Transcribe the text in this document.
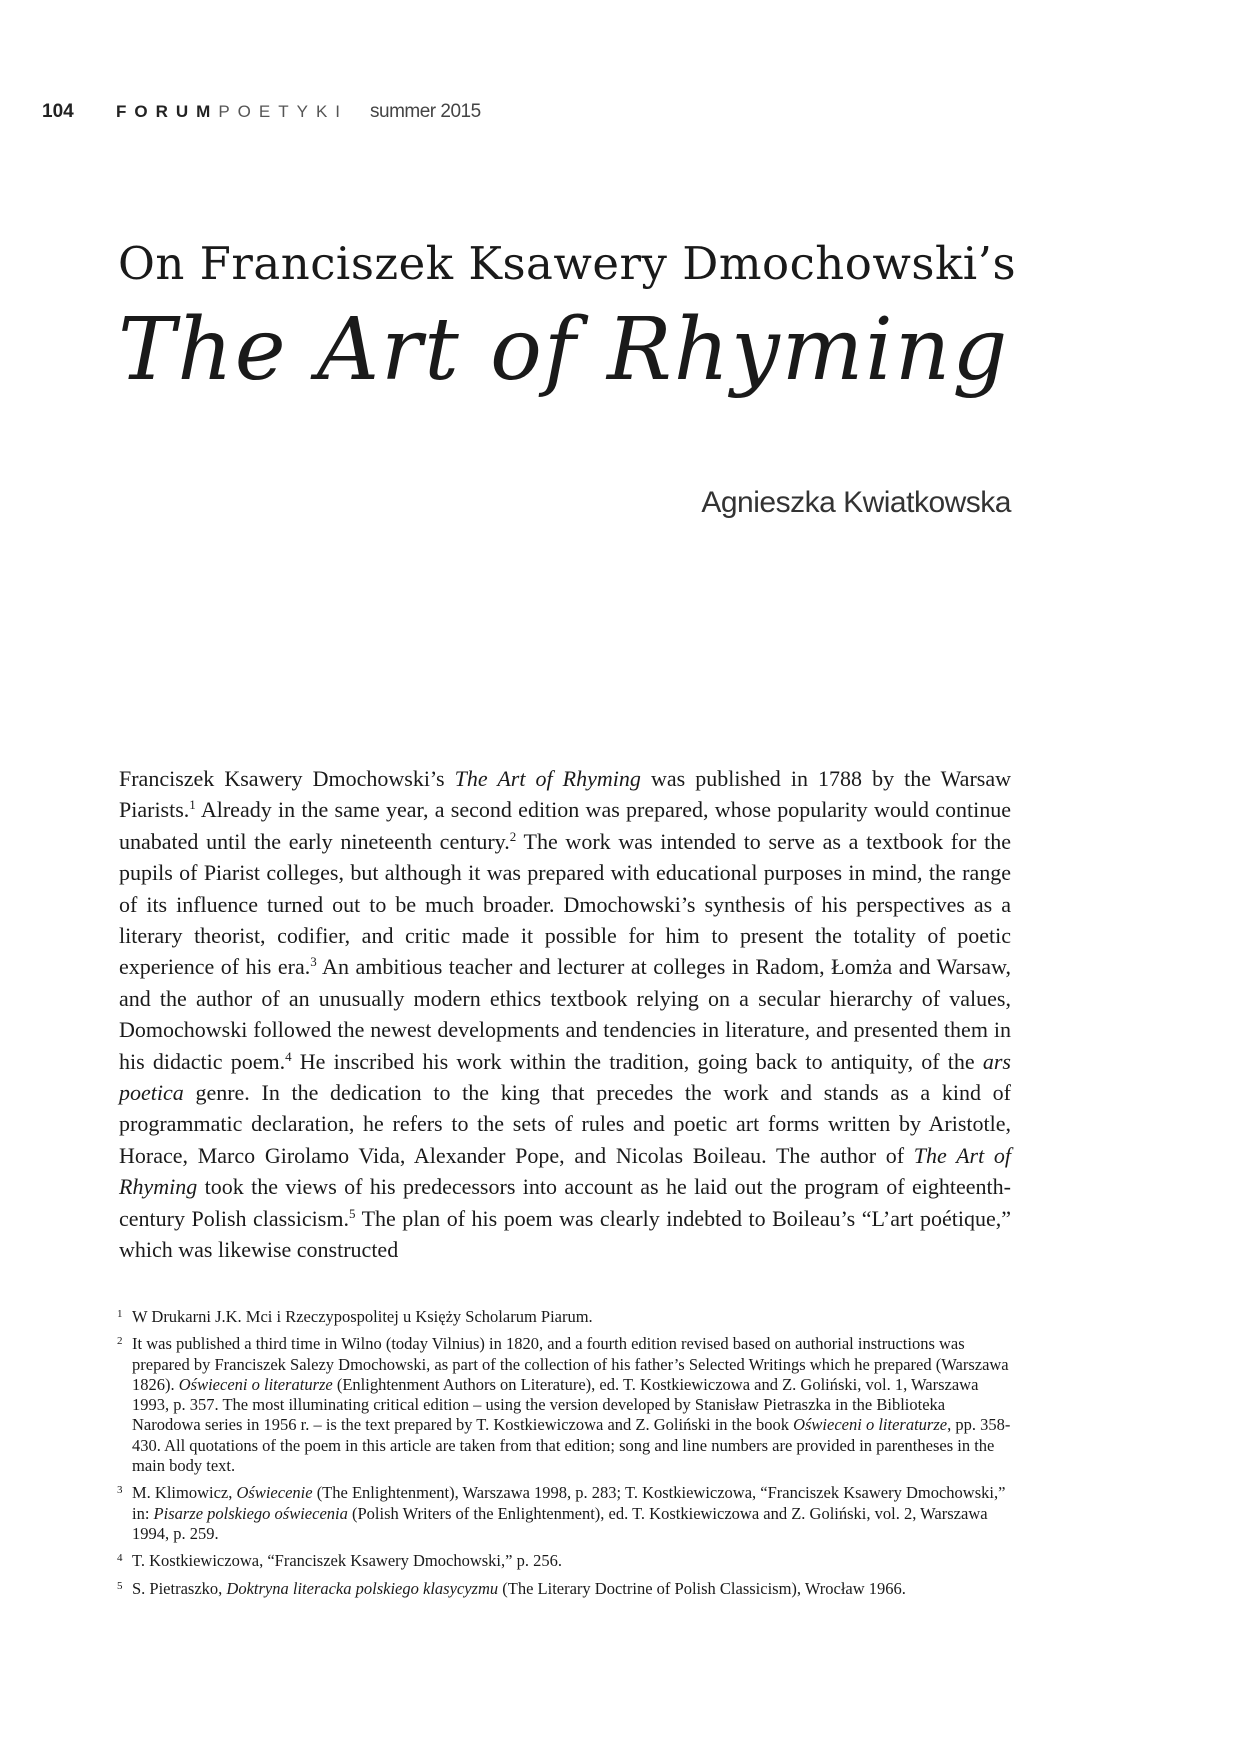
104	FORUM POETYKI summer 2015
On Franciszek Ksawery Dmochowski’s
The Art of Rhyming

Agnieszka Kwiatkowska

Franciszek Ksawery Dmochowski’s The Art of Rhyming was published in 1788 by the Warsaw Piarists.$^1$ Already in the same year, a second edition was prepared, whose popularity would continue unabated until the early nineteenth century.$^2$ The work was intended to serve as a textbook for the pupils of Piarist colleges, but although it was prepared with educational purposes in mind, the range of its influence turned out to be much broader. Dmochowski’s synthesis of his perspectives as a literary theorist, codifier, and critic made it possible for him to present the totality of poetic experience of his era.$^3$ An ambitious teacher and lecturer at colleges in Radom, Łomża and Warsaw, and the author of an unusually modern ethics textbook relying on a secular hierarchy of values, Domochowski followed the newest developments and tendencies in literature, and presented them in his didactic poem.$^4$ He inscribed his work within the tradition, going back to antiquity, of the ars poetica genre. In the dedication to the king that precedes the work and stands as a kind of programmatic declaration, he refers to the sets of rules and poetic art forms written by Aristotle, Horace, Marco Girolamo Vida, Alexander Pope, and Nicolas Boileau. The author of The Art of Rhyming took the views of his predecessors into account as he laid out the program of eighteenth-century Polish classicism.$^5$ The plan of his poem was clearly indebted to Boileau’s “L’art poétique,” which was likewise constructed

1 W Drukarni J.K. Mci i Rzeczypospolitej u Księży Scholarum Piarum.

2 It was published a third time in Wilno (today Vilnius) in 1820, and a fourth edition revised based on authorial instructions was prepared by Franciszek Salezy Dmochowski, as part of the collection of his father’s Selected Writings which he prepared (Warszawa 1826). Oświeceni o literaturze (Enlightenment Authors on Literature), ed. T. Kostkiewiczowa and Z. Goliński, vol. 1, Warszawa 1993, p. 357. The most illuminating critical edition – using the version developed by Stanisław Pietraszka in the Biblioteka Narodowa series in 1956 r. – is the text prepared by T. Kostkiewiczowa and Z. Goliński in the book Oświeceni o literaturze, pp. 358-430. All quotations of the poem in this article are taken from that edition; song and line numbers are provided in parentheses in the main body text.

3 M. Klimowicz, Oświecenie (The Enlightenment), Warszawa 1998, p. 283; T. Kostkiewiczowa, “Franciszek Ksawery Dmochowski,” in: Pisarze polskiego oświecenia (Polish Writers of the Enlightenment), ed. T. Kostkiewiczowa and Z. Goliński, vol. 2, Warszawa 1994, p. 259.

4 T. Kostkiewiczowa, “Franciszek Ksawery Dmochowski,” p. 256.

5 S. Pietraszko, Doktryna literacka polskiego klasycyzmu (The Literary Doctrine of Polish Classicism), Wrocław 1966.
